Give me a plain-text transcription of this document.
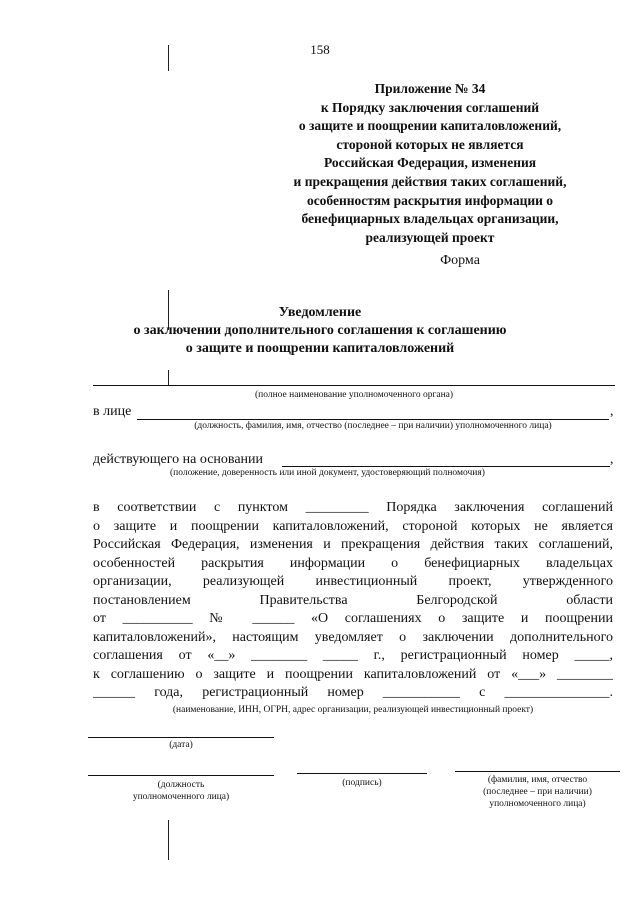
158
Приложение № 34
к Порядку заключения соглашений
о защите и поощрении капиталовложений,
стороной которых не является
Российская Федерация, изменения
и прекращения действия таких соглашений,
особенностям раскрытия информации о
бенефициарных владельцах организации,
реализующей проект
Форма
Уведомление
о заключении дополнительного соглашения к соглашению
о защите и поощрении капиталовложений
(полное наименование уполномоченного органа)
в лице	,
(должность, фамилия, имя, отчество (последнее – при наличии) уполномоченного лица)
действующего на основании	,
(положение, доверенность или иной документ, удостоверяющий полномочия)
в соответствии с пунктом _________ Порядка заключения соглашений
о защите и поощрении капиталовложений, стороной которых не является
Российская Федерация, изменения и прекращения действия таких соглашений,
особенностей раскрытия информации о бенефициарных владельцах
организации, реализующей инвестиционный проект, утвержденного
постановлением Правительства Белгородской области
от __________ № ______ «О соглашениях о защите и поощрении
капиталовложений», настоящим уведомляет о заключении дополнительного
соглашения от «__» ________ _____ г., регистрационный номер _____,
к соглашению о защите и поощрении капиталовложений от «___» ________
______ года, регистрационный номер ___________ с _______________.
(наименование, ИНН, ОГРН, адрес организации, реализующей инвестиционный проект)
(дата)
(должность
уполномоченного лица)
(подпись)	(фамилия, имя, отчество
(последнее – при наличии)
уполномоченного лица)
